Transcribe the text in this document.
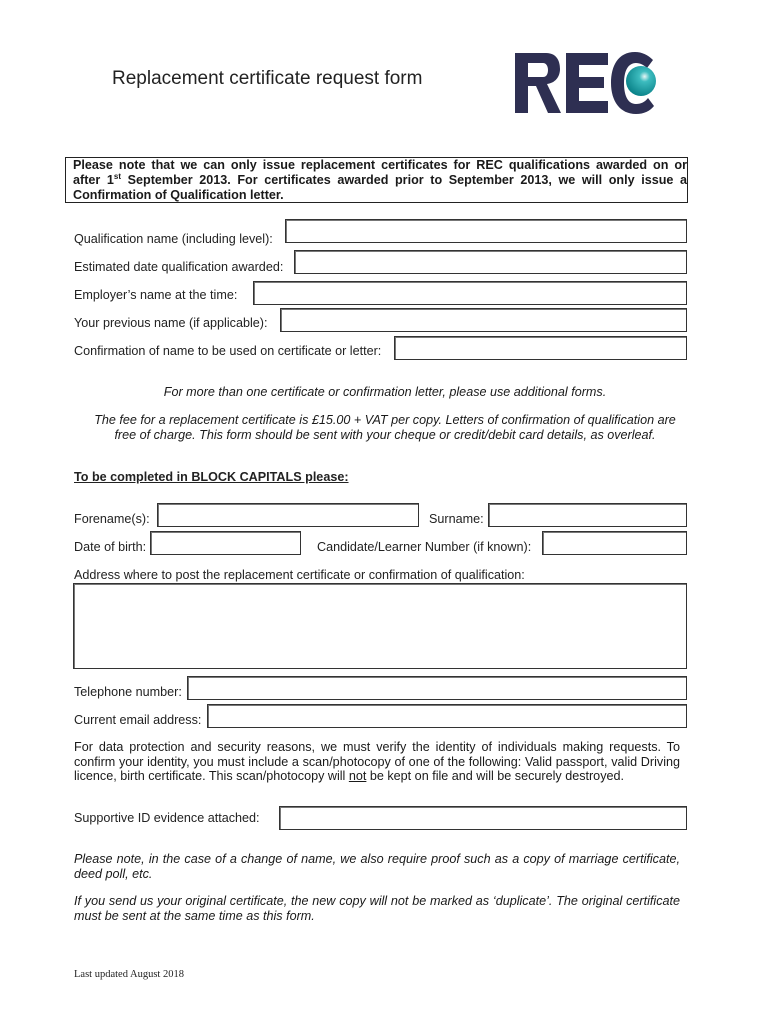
Replacement certificate request form
Please note that we can only issue replacement certificates for REC qualifications awarded on or
after 1st September 2013. For certificates awarded prior to September 2013, we will only issue a
Confirmation of Qualification letter.
Qualification name (including level):
Estimated date qualification awarded:
Employer’s name at the time:
Your previous name (if applicable):
Confirmation of name to be used on certificate or letter:
For more than one certificate or confirmation letter, please use additional forms.
The fee for a replacement certificate is £15.00 + VAT per copy. Letters of confirmation of qualification are
free of charge. This form should be sent with your cheque or credit/debit card details, as overleaf.
To be completed in BLOCK CAPITALS please:
Forename(s):	Surname:
Date of birth:	Candidate/Learner Number (if known):
Address where to post the replacement certificate or confirmation of qualification:
Telephone number:
Current email address:
For data protection and security reasons, we must verify the identity of individuals making requests. To confirm your identity, you must include a scan/photocopy of one of the following: Valid passport, valid Driving licence, birth certificate. This scan/photocopy will not be kept on file and will be securely destroyed.
Supportive ID evidence attached:
Please note, in the case of a change of name, we also require proof such as a copy of marriage certificate, deed poll, etc.
If you send us your original certificate, the new copy will not be marked as ‘duplicate’. The original certificate must be sent at the same time as this form.
Last updated August 2018
